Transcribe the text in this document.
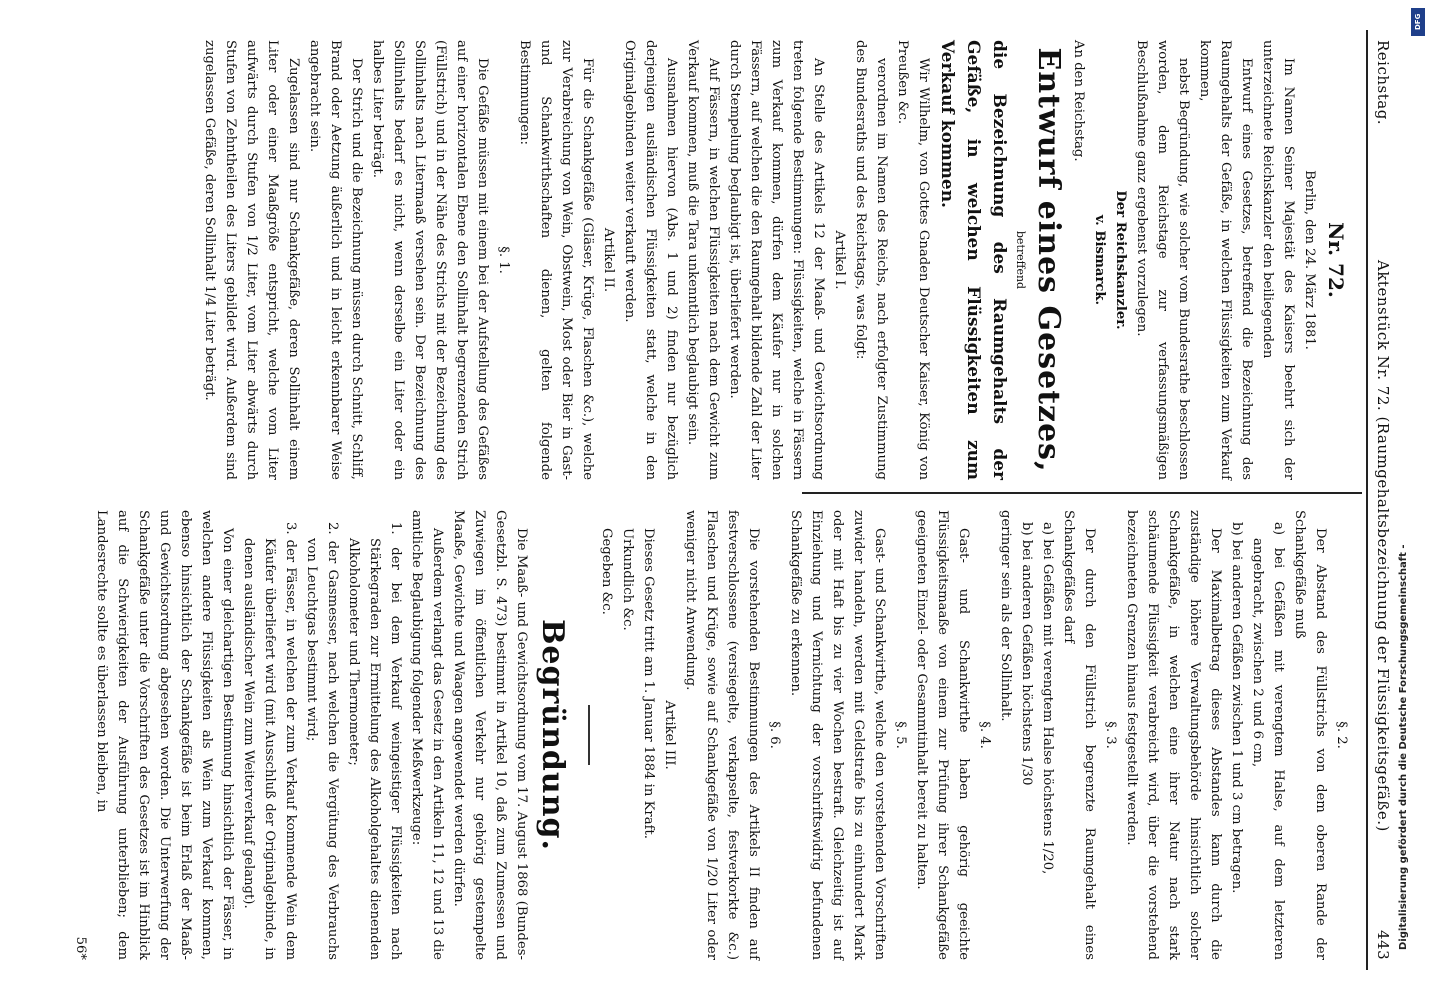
Reichstag.
Aktenstück Nr. 72. (Raumgehaltsbezeichnung der Flüssigkeitsgefäße.)
443

Nr. 72.

Berlin, den 24. März 1881.

Im Namen Seiner Majestät des Kaisers beehrt sich der unterzeichnete Reichskanzler den beiliegenden

Entwurf eines Gesetzes, betreffend die Bezeichnung des Raumgehalts der Gefäße, in welchen Flüssigkeiten zum Verkauf kommen,

nebst Begründung, wie solcher vom Bundesrathe beschlossen worden, dem Reichstage zur verfassungsmäßigen Beschlußnahme ganz ergebenst vorzulegen.

Der Reichskanzler.

v. Bismarck.

An den Reichstag.

Entwurf eines Gesetzes,

betreffend

die Bezeichnung des Raumgehalts der Gefäße, in welchen Flüssigkeiten zum Verkauf kommen.

Wir Wilhelm, von Gottes Gnaden Deutscher Kaiser, König von Preußen &c.

verordnen im Namen des Reichs, nach erfolgter Zustimmung des Bundesraths und des Reichstags, was folgt:

Artikel I.

An Stelle des Artikels 12 der Maaß- und Gewichtsordnung treten folgende Bestimmungen: Flüssigkeiten, welche in Fässern zum Verkauf kommen, dürfen dem Käufer nur in solchen Fässern, auf welchen die den Raumgehalt bildende Zahl der Liter durch Stempelung beglaubigt ist, überliefert werden.

Auf Fässern, in welchen Flüssigkeiten nach dem Gewicht zum Verkauf kommen, muß die Tara unkenntlich beglaubigt sein.

Ausnahmen hiervon (Abs. 1 und 2) finden nur bezüglich derjenigen ausländischen Flüssigkeiten statt, welche in den Originalgebinden weiter verkauft werden.

Artikel II.

Für die Schankgefäße (Gläser, Krüge, Flaschen &c.), welche zur Verabreichung von Wein, Obstwein, Most oder Bier in Gast- und Schankwirthschaften dienen, gelten folgende Bestimmungen:

§. 1.

Die Gefäße müssen mit einem bei der Aufstellung des Gefäßes auf einer horizontalen Ebene den Sollinhalt begrenzenden Strich (Füllstrich) und in der Nähe des Strichs mit der Bezeichnung des Sollinhalts nach Litermaaß versehen sein. Der Bezeichnung des Sollinhalts bedarf es nicht, wenn derselbe ein Liter oder ein halbes Liter beträgt.

Der Strich und die Bezeichnung müssen durch Schnitt, Schliff, Brand oder Aetzung äußerlich und in leicht erkennbarer Weise angebracht sein.

Zugelassen sind nur Schankgefäße, deren Sollinhalt einem Liter oder einer Maaßgröße entspricht, welche vom Liter aufwärts durch Stufen von 1/2 Liter, vom Liter abwärts durch Stufen von Zehntheilen des Liters gebildet wird. Außerdem sind zugelassen Gefäße, deren Sollinhalt 1/4 Liter beträgt.

§. 2.

Der Abstand des Füllstrichs von dem oberen Rande der Schankgefäße muß

a) bei Gefäßen mit verengtem Halse, auf dem letzteren angebracht, zwischen 2 und 6 cm,

b) bei anderen Gefäßen zwischen 1 und 3 cm betragen.

Der Maximalbetrag dieses Abstandes kann durch die zuständige höhere Verwaltungsbehörde hinsichtlich solcher Schankgefäße, in welchen eine ihrer Natur nach stark schäumende Flüssigkeit verabreicht wird, über die vorstehend bezeichneten Grenzen hinaus festgestellt werden.

§. 3.

Der durch den Füllstrich begrenzte Raumgehalt eines Schankgefäßes darf

a) bei Gefäßen mit verengtem Halse höchstens 1/20,

b) bei anderen Gefäßen höchstens 1/30

geringer sein als der Sollinhalt.

§. 4.

Gast- und Schankwirthe haben gehörig geeichte Flüssigkeitsmaaße von einem zur Prüfung ihrer Schankgefäße geeigneten Einzel- oder Gesammtinhalt bereit zu halten.

§. 5.

Gast- und Schankwirthe, welche den vorstehenden Vorschriften zuwider handeln, werden mit Geldstrafe bis zu einhundert Mark oder mit Haft bis zu vier Wochen bestraft. Gleichzeitig ist auf Einziehung und Vernichtung der vorschriftswidrig befundenen Schankgefäße zu erkennen.

§. 6.

Die vorstehenden Bestimmungen des Artikels II finden auf festverschlossene (versiegelte, verkapselte, festverkorkte &c.) Flaschen und Krüge, sowie auf Schankgefäße von 1/20 Liter oder weniger nicht Anwendung.

Artikel III.

Dieses Gesetz tritt am 1. Januar 1884 in Kraft.

Urkundlich &c.

Gegeben &c.

Begründung.

Die Maaß- und Gewichtsordnung vom 17. August 1868 (Bundes-Gesetzbl. S. 473) bestimmt in Artikel 10, daß zum Zumessen und Zuwiegen im öffentlichen Verkehr nur gehörig gestempelte Maaße, Gewichte und Waagen angewendet werden dürfen.

Außerdem verlangt das Gesetz in den Artikeln 11, 12 und 13 die amtliche Beglaubigung folgender Meßwerkzeuge:

1. der bei dem Verkauf weingeistiger Flüssigkeiten nach Stärkegraden zur Ermittelung des Alkoholgehaltes dienenden Alkoholometer und Thermometer;

2. der Gasmesser, nach welchen die Vergütung des Verbrauchs von Leuchtgas bestimmt wird;

3. der Fässer, in welchen der zum Verkauf kommende Wein dem Käufer überliefert wird (mit Ausschluß der Originalgebinde, in denen ausländischer Wein zum Weiterverkauf gelangt).

Von einer gleichartigen Bestimmung hinsichtlich der Fässer, in welchen andere Flüssigkeiten als Wein zum Verkauf kommen, ebenso hinsichtlich der Schankgefäße ist beim Erlaß der Maaß- und Gewichtsordnung abgesehen worden. Die Unterwerfung der Schankgefäße unter die Vorschriften des Gesetzes ist im Hinblick auf die Schwierigkeiten der Ausführung unterblieben; dem Landesrechte sollte es überlassen bleiben, in

56*	Digitalisierung gefördert durch die Deutsche Forschungsgemeinschaft -
DFG
